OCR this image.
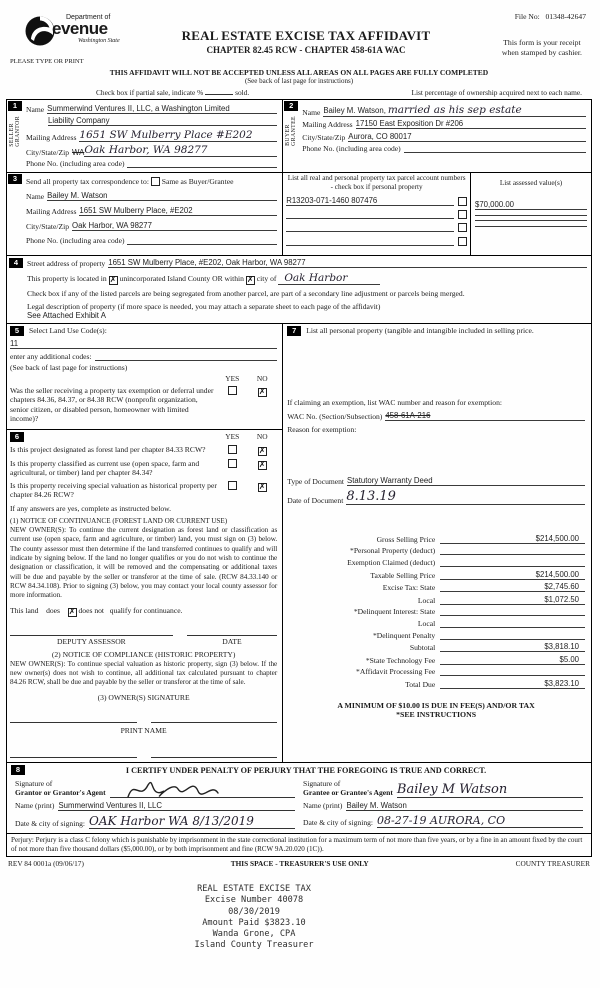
Department of
evenue
Washington State
PLEASE TYPE OR PRINT
REAL ESTATE EXCISE TAX AFFIDAVIT
CHAPTER 82.45 RCW - CHAPTER 458-61A WAC
File No: 01348-42647
This form is your receipt
when stamped by cashier.
THIS AFFIDAVIT WILL NOT BE ACCEPTED UNLESS ALL AREAS ON ALL PAGES ARE FULLY COMPLETED
(See back of last page for instructions)
Check box if partial sale, indicate %	sold.	List percentage of ownership acquired next to each name.
1
SELLER GRANTOR
Name Summerwind Ventures II, LLC, a Washington Limited
Liability Company
Mailing Address 1651 SW Mulberry Place #E202
City/State/Zip WA Oak Harbor, WA 98277
Phone No. (including area code)
2
BUYER GRANTEE
Name Bailey M. Watson, married as his sep estate
Mailing Address 17150 East Exposition Dr #206
City/State/Zip Aurora, CO 80017
Phone No. (including area code)
3	Send all property tax correspondence to:

Same as Buyer/Grantee
Name Bailey M. Watson
Mailing Address 1651 SW Mulberry Place, #E202
City/State/Zip Oak Harbor, WA 98277
Phone No. (including area code)
List all real and personal property tax parcel account numbers - check box if personal property
R13203-071-1460 807476
List assessed value(s)
$70,000.00
4	Street address of property 1651 SW Mulberry Place, #E202, Oak Harbor, WA 98277
This property is located in ✗ unincorporated Island County OR within ✗ city of Oak Harbor
Check box if any of the listed parcels are being segregated from another parcel, are part of a secondary line adjustment or parcels being merged.
Legal description of property (if more space is needed, you may attach a separate sheet to each page of the affidavit)
See Attached Exhibit A
5	Select Land Use Code(s):
11
enter any additional codes:
(See back of last page for instructions)
YES	NO
Was the seller receiving a property tax exemption or deferral under chapters 84.36, 84.37, or 84.38 RCW (nonprofit organization, senior citizen, or disabled person, homeowner with limited income)?
✗
6	YES	NO
Is this project designated as forest land per chapter 84.33 RCW?	✗
Is this property classified as current use (open space, farm and agricultural, or timber) land per chapter 84.34?
✗
Is this property receiving special valuation as historical property per chapter 84.26 RCW?
✗
If any answers are yes, complete as instructed below.
(1) NOTICE OF CONTINUANCE (FOREST LAND OR CURRENT USE)
NEW OWNER(S): To continue the current designation as forest land or classification as current use (open space, farm and agriculture, or timber) land, you must sign on (3) below. The county assessor must then determine if the land transferred continues to qualify and will indicate by signing below. If the land no longer qualifies or you do not wish to continue the designation or classification, it will be removed and the compensating or additional taxes will be due and payable by the seller or transferor at the time of sale. (RCW 84.33.140 or RCW 84.34.108). Prior to signing (3) below, you may contact your local county assessor for more information.
This land does ✗ does not qualify for continuance.
DEPUTY ASSESSOR	DATE
(2) NOTICE OF COMPLIANCE (HISTORIC PROPERTY)
NEW OWNER(S): To continue special valuation as historic property, sign (3) below. If the new owner(s) does not wish to continue, all additional tax calculated pursuant to chapter 84.26 RCW, shall be due and payable by the seller or transferor at the time of sale.
(3) OWNER(S) SIGNATURE
PRINT NAME
7	List all personal property (tangible and intangible included in selling price.
If claiming an exemption, list WAC number and reason for exemption:
WAC No. (Section/Subsection) 458-61A-216
Reason for exemption:
Type of Document Statutory Warranty Deed
Date of Document 8.13.19
Gross Selling Price	$214,500.00
*Personal Property (deduct)
Exemption Claimed (deduct)
Taxable Selling Price	$214,500.00
Excise Tax: State	$2,745.60
Local	$1,072.50
*Delinquent Interest: State
Local
*Delinquent Penalty
Subtotal	$3,818.10
*State Technology Fee	$5.00
*Affidavit Processing Fee
Total Due	$3,823.10
A MINIMUM OF $10.00 IS DUE IN FEE(S) AND/OR TAX
*SEE INSTRUCTIONS
8	I CERTIFY UNDER PENALTY OF PERJURY THAT THE FOREGOING IS TRUE AND CORRECT.
Signature of
Grantor or Grantor's Agent
Name (print) Summerwind Ventures II, LLC
Date & city of signing: OAK Harbor WA 8/13/2019
Signature of
Grantee or Grantee's Agent Bailey M Watson
Name (print) Bailey M. Watson
Date & city of signing: 08-27-19 AURORA, CO
Perjury: Perjury is a class C felony which is punishable by imprisonment in the state correctional institution for a maximum term of not more than five years, or by a fine in an amount fixed by the court of not more than five thousand dollars ($5,000.00), or by both imprisonment and fine (RCW 9A.20.020 (1C)).
REV 84 0001a (09/06/17)	THIS SPACE - TREASURER'S USE ONLY	COUNTY TREASURER
REAL ESTATE EXCISE TAX
Excise Number 40078
08/30/2019
Amount Paid $3823.10
Wanda Grone, CPA
Island County Treasurer
